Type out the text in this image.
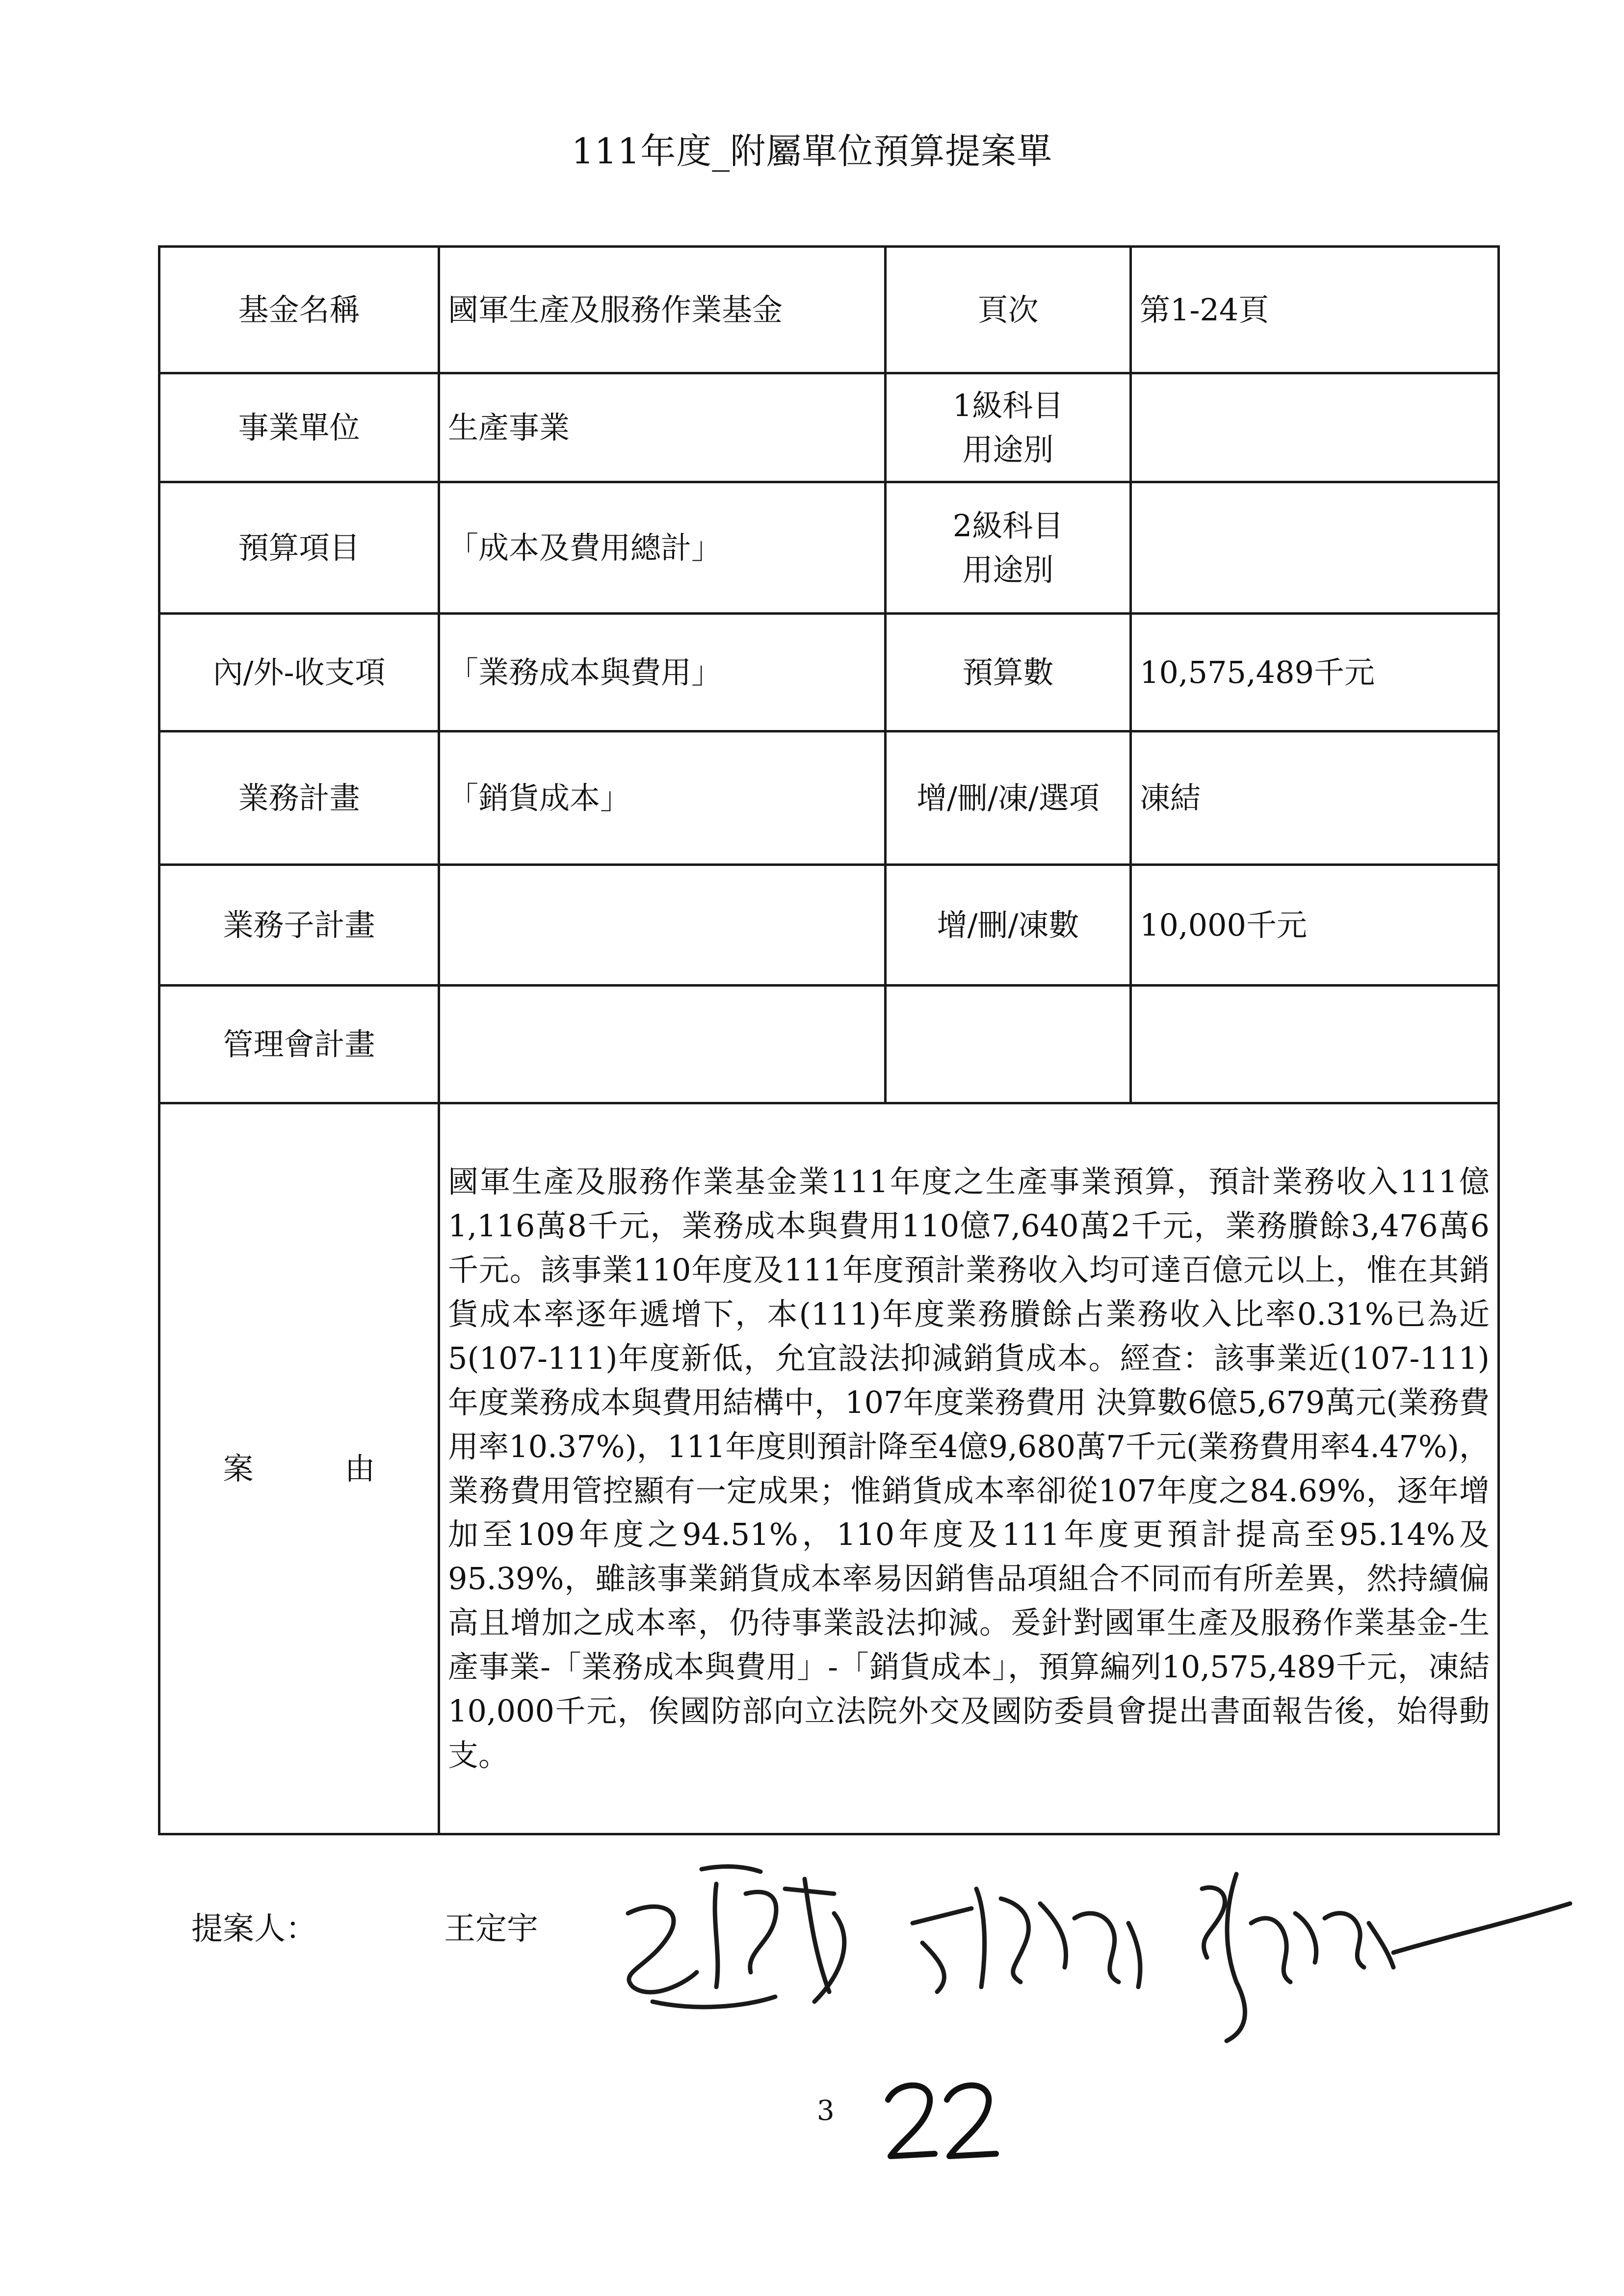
111年度_附屬單位預算提案單
基金名稱	國軍生產及服務作業基金	頁次	第1-24頁
事業單位	生產事業	1級科目
用途別	

預算項目	「成本及費用總計」	2級科目
用途別	

內/外-收支項	「業務成本與費用」	預算數	10,575,489千元
業務計畫	「銷貨成本」	增/刪/凍/選項	凍結
業務子計畫		增/刪/凍數	10,000千元
管理會計畫			

案 由	國軍生產及服務作業基金業111年度之生產事業預算，預計業務收入111億1,116萬8千元，業務成本與費用110億7,640萬2千元，業務賸餘3,476萬6千元。該事業110年度及111年度預計業務收入均可達百億元以上，惟在其銷貨成本率逐年遞增下，本(111)年度業務賸餘占業務收入比率0.31%已為近5(107-111)年度新低，允宜設法抑減銷貨成本。經查：該事業近(107-111)年度業務成本與費用結構中，107年度業務費用 決算數6億5,679萬元(業務費用率10.37%)，111年度則預計降至4億9,680萬7千元(業務費用率4.47%)，業務費用管控顯有一定成果；惟銷貨成本率卻從107年度之84.69%，逐年增加至109年度之94.51%，110年度及111年度更預計提高至95.14%及95.39%，雖該事業銷貨成本率易因銷售品項組合不同而有所差異，然持續偏高且增加之成本率，仍待事業設法抑減。爰針對國軍生產及服務作業基金-生產事業-「業務成本與費用」-「銷貨成本」，預算編列10,575,489千元，凍結10,000千元，俟國防部向立法院外交及國防委員會提出書面報告後，始得動支。		
提案人：	王定宇
3
